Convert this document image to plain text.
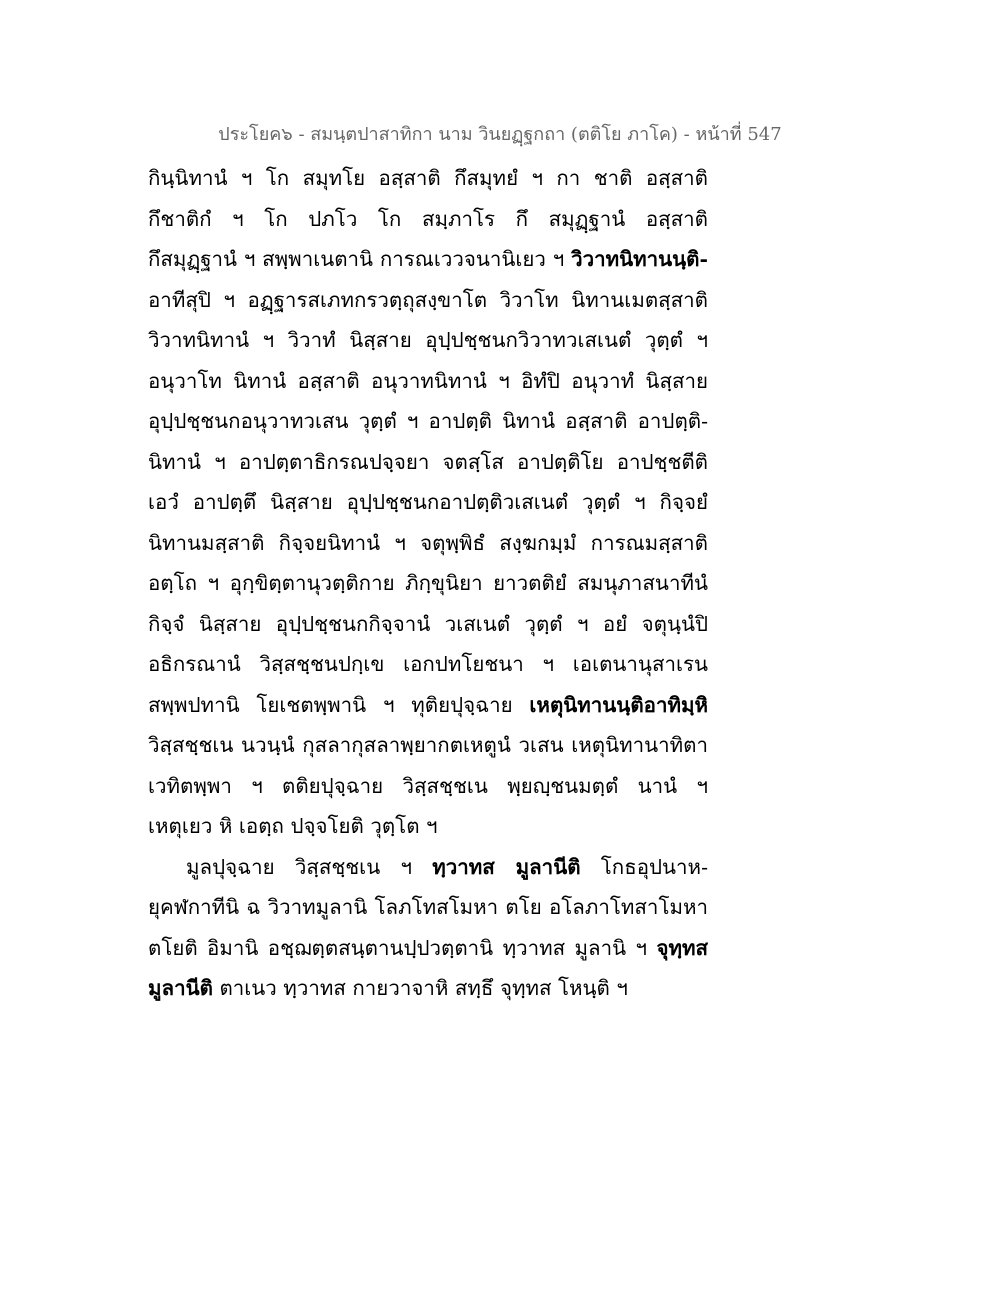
ประโยค๖ - สมนฺตปาสาทิกา นาม วินยฏฺฐกถา (ตติโย ภาโค) - หน้าที่ 547
กินฺนิทานํ ฯ โก สมุทโย อสฺสาติ กึสมุทยํ ฯ กา ชาติ อสฺสาติ
กึชาติกํ ฯ โก ปภโว โก สมฺภาโร กึ สมุฏฺฐานํ อสฺสาติ
กึสมุฏฺฐานํ ฯ สพฺพาเนตานิ การณเววจนานิเยว ฯ วิวาทนิทานนฺติ-
อาทีสุปิ ฯ อฏฺฐารสเภทกรวตฺถุสงฺขาโต วิวาโท นิทานเมตสฺสาติ
วิวาทนิทานํ ฯ วิวาทํ นิสฺสาย อุปฺปชฺชนกวิวาทวเสเนตํ วุตฺตํ ฯ
อนุวาโท นิทานํ อสฺสาติ อนุวาทนิทานํ ฯ อิทํปิ อนุวาทํ นิสฺสาย
อุปฺปชฺชนกอนุวาทวเสน วุตฺตํ ฯ อาปตฺติ นิทานํ อสฺสาติ อาปตฺติ-
นิทานํ ฯ อาปตฺตาธิกรณปจฺจยา จตสฺโส อาปตฺติโย อาปชฺชตีติ
เอวํ อาปตฺตึ นิสฺสาย อุปฺปชฺชนกอาปตฺติวเสเนตํ วุตฺตํ ฯ กิจฺจยํ
นิทานมสฺสาติ กิจฺจยนิทานํ ฯ จตุพฺพิธํ สงฺฆกมฺมํ การณมสฺสาติ
อตฺโถ ฯ อุกฺขิตฺตานุวตฺติกาย ภิกฺขุนิยา ยาวตติยํ สมนุภาสนาทีนํ
กิจฺจํ นิสฺสาย อุปฺปชฺชนกกิจฺจานํ วเสเนตํ วุตฺตํ ฯ อยํ จตุนฺนํปิ
อธิกรณานํ วิสฺสชฺชนปกฺเข เอกปทโยชนา ฯ เอเตนานุสาเรน
สพฺพปทานิ โยเชตพฺพานิ ฯ ทุติยปุจฺฉาย เหตุนิทานนฺติอาทิมฺหิ
วิสฺสชฺชเน นวนฺนํ กุสลากุสลาพฺยากตเหตูนํ วเสน เหตุนิทานาทิตา
เวทิตพฺพา ฯ ตติยปุจฺฉาย วิสฺสชฺชเน พฺยญฺชนมตฺตํ นานํ ฯ
เหตุเยว หิ เอตฺถ ปจฺจโยติ วุตฺโต ฯ
มูลปุจฺฉาย วิสฺสชฺชเน ฯ ทฺวาทส มูลานีติ โกธอุปนาห-
ยุคฬกาทีนิ ฉ วิวาทมูลานิ โลภโทสโมหา ตโย อโลภาโทสาโมหา
ตโยติ อิมานิ อชฺฌตฺตสนฺตานปฺปวตฺตานิ ทฺวาทส มูลานิ ฯ จุทฺทส
มูลานีติ ตาเนว ทฺวาทส กายวาจาหิ สทฺธึ จุทฺทส โหนฺติ ฯ
